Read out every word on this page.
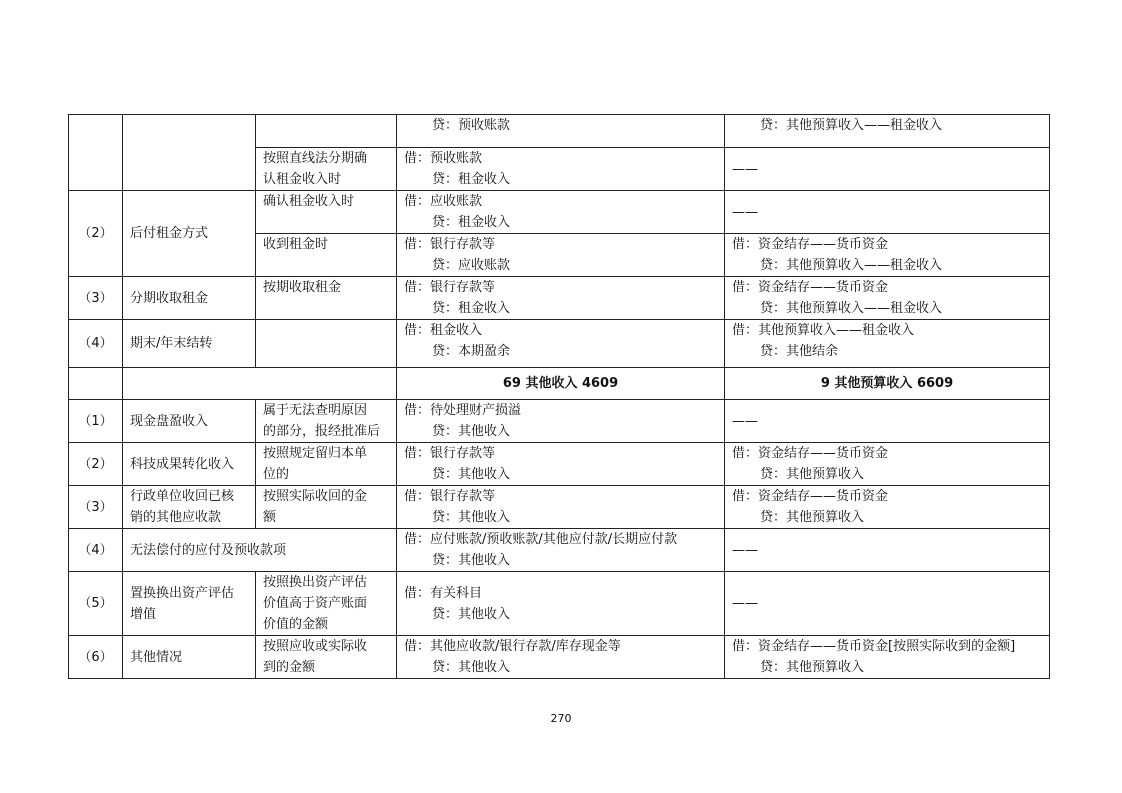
			贷：预收账款	贷：其他预算收入——租金收入

		按照直线法分期确
认租金收入时	借：预收账款
贷：租金收入	——
（2）	后付租金方式	确认租金收入时	借：应收账款
贷：租金收入	——
		收到租金时	借：银行存款等
贷：应收账款	借：资金结存——货币资金
贷：其他预算收入——租金收入

（3）	分期收取租金	按期收取租金	借：银行存款等
贷：租金收入	借：资金结存——货币资金
贷：其他预算收入——租金收入

（4）	期末/年末结转		借：租金收入
贷：本期盈余	借：其他预算收入——租金收入
贷：其他结余

			69 其他收入 4609	9 其他预算收入 6609
（1）	现金盘盈收入	属于无法查明原因
的部分，报经批准后	借：待处理财产损溢
贷：其他收入	——
（2）	科技成果转化收入	按照规定留归本单
位的	借：银行存款等
贷：其他收入	借：资金结存——货币资金
贷：其他预算收入

（3）	行政单位收回已核
销的其他应收款	按照实际收回的金
额	借：银行存款等
贷：其他收入	借：资金结存——货币资金
贷：其他预算收入

（4）	无法偿付的应付及预收款项		借：应付账款/预收账款/其他应付款/长期应付款
贷：其他收入	——
（5）	置换换出资产评估
增值	按照换出资产评估
价值高于资产账面
价值的金额	借：有关科目
贷：其他收入	——
（6）	其他情况	按照应收或实际收
到的金额	借：其他应收款/银行存款/库存现金等
贷：其他收入	借：资金结存——货币资金[按照实际收到的金额]
贷：其他预算收入
270
